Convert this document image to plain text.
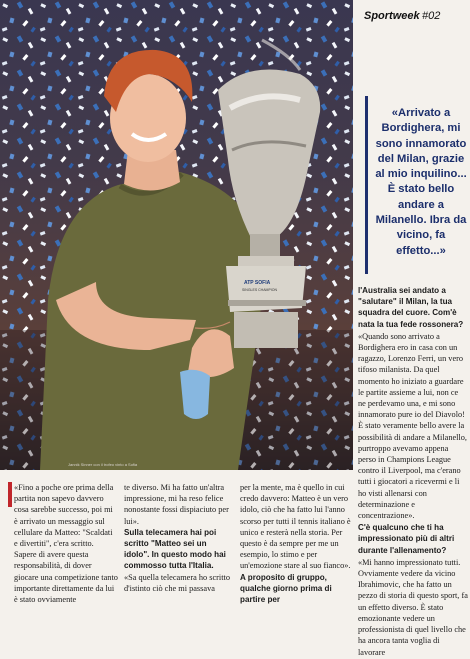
ATP SOFIA
SINGLES CHAMPION
Jannik Sinner con il trofeo vinto a Sofia
Sportweek #02

«Arrivato a Bordighera, mi sono innamorato del Milan, grazie al mio inquilino... È stato bello andare a Milanello. Ibra da vicino, fa effetto...»

l'Australia sei andato a "salutare" il Milan, la tua squadra del cuore. Com'è nata la tua fede rossonera?

«Quando sono arrivato a Bordighera ero in casa con un ragazzo, Lorenzo Ferri, un vero tifoso milanista. Da quel momento ho iniziato a guardare le partite assieme a lui, non ce ne perdevamo una, e mi sono innamorato pure io del Diavolo! È stato veramente bello avere la possibilità di andare a Milanello, purtroppo avevamo appena perso in Champions League contro il Liverpool, ma c'erano tutti i giocatori a ricevermi e li ho visti allenarsi con determinazione e concentrazione».

C'è qualcuno che ti ha impressionato più di altri durante l'allenamento?

«Mi hanno impressionato tutti. Ovviamente vedere da vicino Ibrahimovic, che ha fatto un pezzo di storia di questo sport, fa un effetto diverso. È stato emozionante vedere un professionista di quel livello che ha ancora tanta voglia di lavorare

«Fino a poche ore prima della partita non sapevo davvero cosa sarebbe successo, poi mi è arrivato un messaggio sul cellulare da Matteo: "Scaldati e divertiti", c'era scritto. Sapere di avere questa responsabilità, di dover giocare una competizione tanto importante direttamente da lui è stato ovviamente

te diverso. Mi ha fatto un'altra impressione, mi ha reso felice nonostante fossi dispiaciuto per lui».

Sulla telecamera hai poi scritto "Matteo sei un idolo". In questo modo hai commosso tutta l'Italia.

«Sa quella telecamera ho scritto d'istinto ciò che mi passava

per la mente, ma è quello in cui credo davvero: Matteo è un vero idolo, ciò che ha fatto lui l'anno scorso per tutti il tennis italiano è unico e resterà nella storia. Per questo è da sempre per me un esempio, lo stimo e per un'emozione stare al suo fianco».

A proposito di gruppo, qualche giorno prima di partire per
